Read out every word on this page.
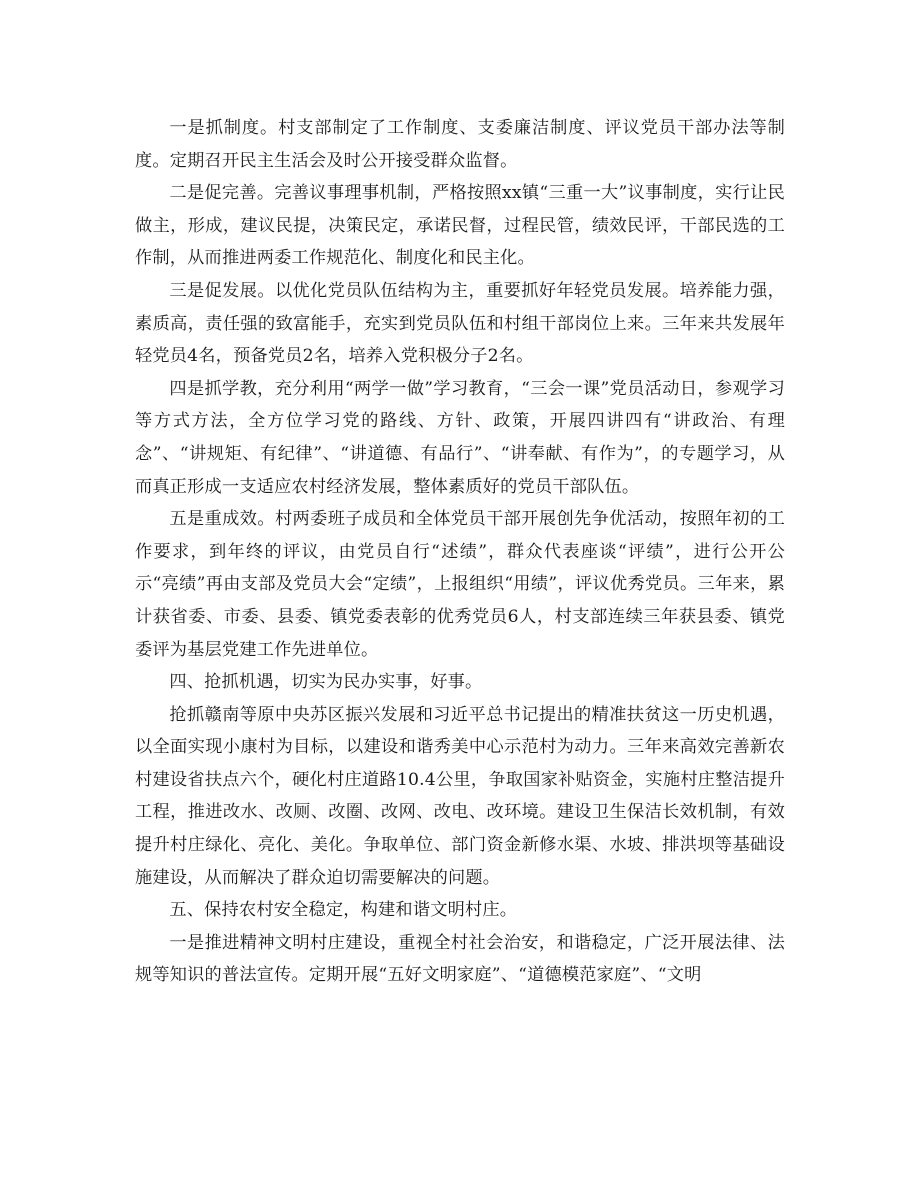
一是抓制度。村支部制定了工作制度、支委廉洁制度、评议党员干部办法等制度。定期召开民主生活会及时公开接受群众监督。

二是促完善。完善议事理事机制，严格按照xx镇“三重一大”议事制度，实行让民做主，形成，建议民提，决策民定，承诺民督，过程民管，绩效民评，干部民选的工作制，从而推进两委工作规范化、制度化和民主化。

三是促发展。以优化党员队伍结构为主，重要抓好年轻党员发展。培养能力强，素质高，责任强的致富能手，充实到党员队伍和村组干部岗位上来。三年来共发展年轻党员4名，预备党员2名，培养入党积极分子2名。

四是抓学教，充分利用“两学一做”学习教育，“三会一课”党员活动日，参观学习等方式方法，全方位学习党的路线、方针、政策，开展四讲四有“讲政治、有理念”、“讲规矩、有纪律”、“讲道德、有品行”、“讲奉献、有作为”，的专题学习，从而真正形成一支适应农村经济发展，整体素质好的党员干部队伍。

五是重成效。村两委班子成员和全体党员干部开展创先争优活动，按照年初的工作要求，到年终的评议，由党员自行“述绩”，群众代表座谈“评绩”，进行公开公示“亮绩”再由支部及党员大会“定绩”，上报组织“用绩”，评议优秀党员。三年来，累计获省委、市委、县委、镇党委表彰的优秀党员6人，村支部连续三年获县委、镇党委评为基层党建工作先进单位。

四、抢抓机遇，切实为民办实事，好事。

抢抓赣南等原中央苏区振兴发展和习近平总书记提出的精准扶贫这一历史机遇，以全面实现小康村为目标，以建设和谐秀美中心示范村为动力。三年来高效完善新农村建设省扶点六个，硬化村庄道路10.4公里，争取国家补贴资金，实施村庄整洁提升工程，推进改水、改厕、改圈、改网、改电、改环境。建设卫生保洁长效机制，有效提升村庄绿化、亮化、美化。争取单位、部门资金新修水渠、水坡、排洪坝等基础设施建设，从而解决了群众迫切需要解决的问题。

五、保持农村安全稳定，构建和谐文明村庄。

一是推进精神文明村庄建设，重视全村社会治安，和谐稳定，广泛开展法律、法规等知识的普法宣传。定期开展“五好文明家庭”、“道德模范家庭”、“文明
